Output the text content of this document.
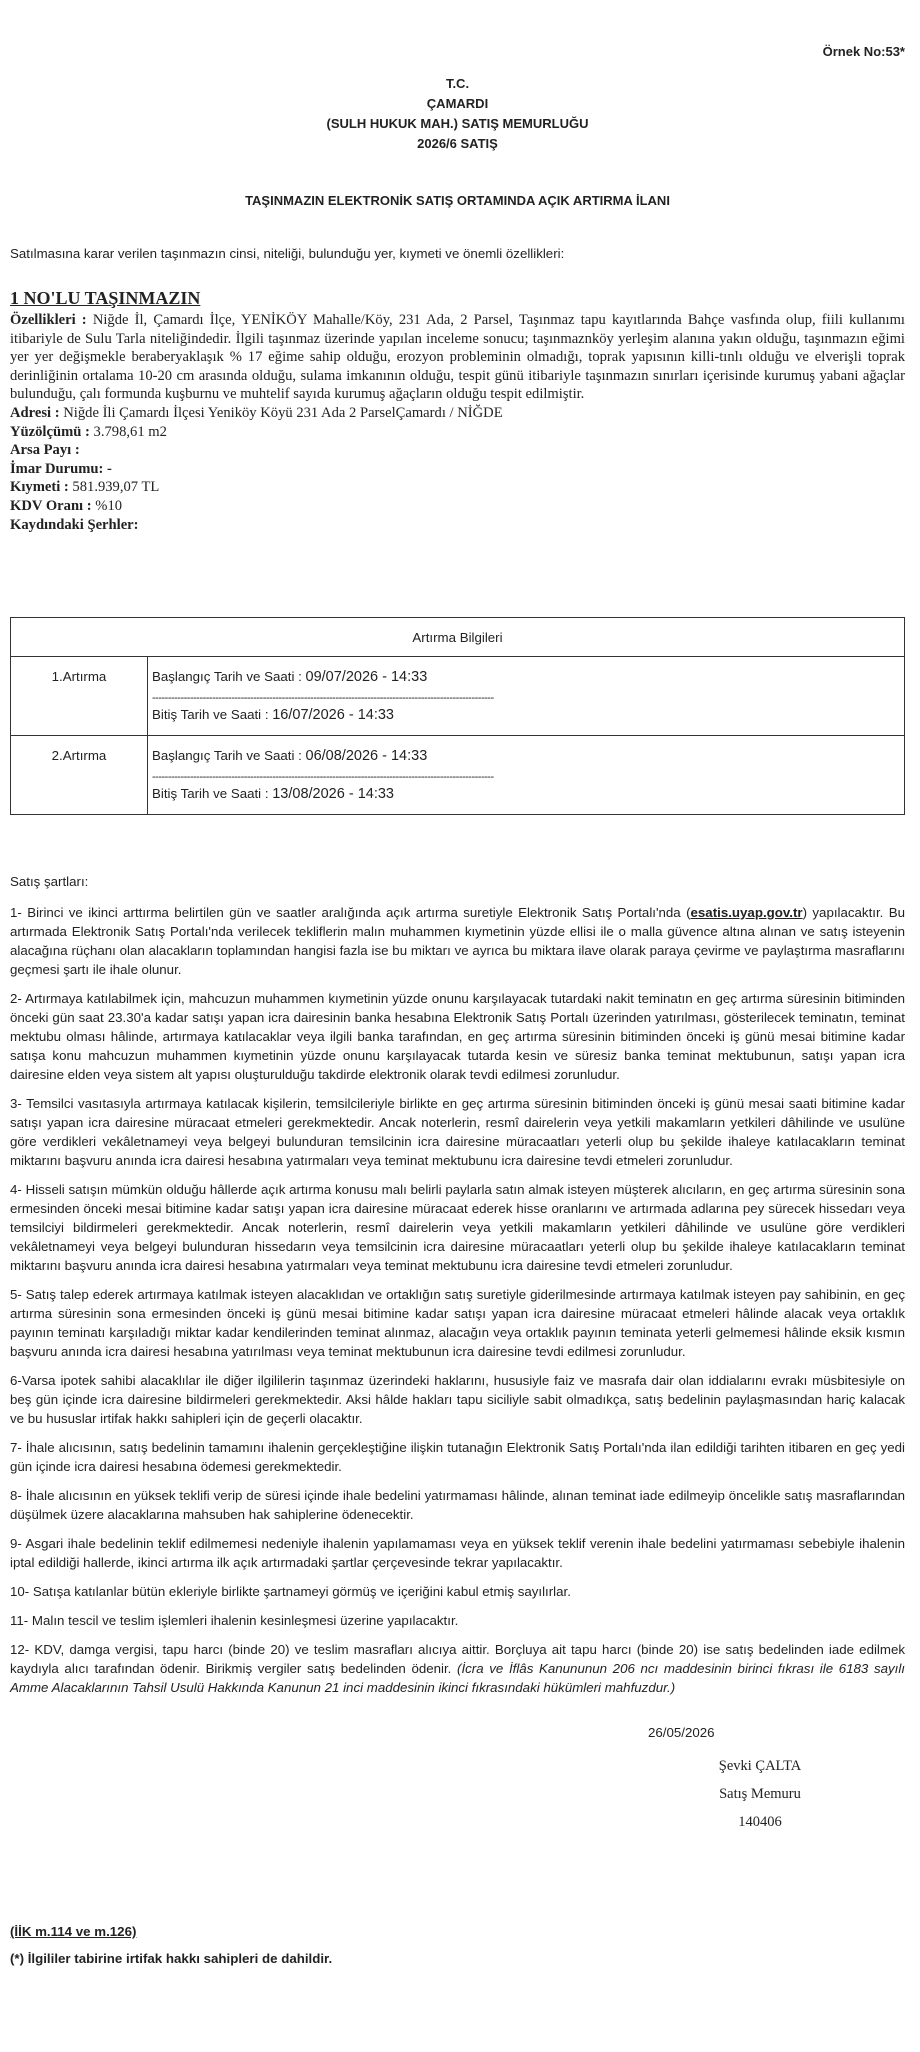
Örnek No:53*
T.C.
ÇAMARDI
(SULH HUKUK MAH.) SATIŞ MEMURLUĞU
2026/6 SATIŞ
TAŞINMAZIN ELEKTRONİK SATIŞ ORTAMINDA AÇIK ARTIRMA İLANI
Satılmasına karar verilen taşınmazın cinsi, niteliği, bulunduğu yer, kıymeti ve önemli özellikleri:
1 NO'LU TAŞINMAZIN
Özellikleri : Niğde İl, Çamardı İlçe, YENİKÖY Mahalle/Köy, 231 Ada, 2 Parsel, Taşınmaz tapu kayıtlarında Bahçe vasfında olup, fiili kullanımı itibariyle de Sulu Tarla niteliğindedir. İlgili taşınmaz üzerinde yapılan inceleme sonucu; taşınmaznköy yerleşim alanına yakın olduğu, taşınmazın eğimi yer yer değişmekle beraberyaklaşık % 17 eğime sahip olduğu, erozyon probleminin olmadığı, toprak yapısının killi-tınlı olduğu ve elverişli toprak derinliğinin ortalama 10-20 cm arasında olduğu, sulama imkanının olduğu, tespit günü itibariyle taşınmazın sınırları içerisinde kurumuş yabani ağaçlar bulunduğu, çalı formunda kuşburnu ve muhtelif sayıda kurumuş ağaçların olduğu tespit edilmiştir.
Adresi : Niğde İli Çamardı İlçesi Yeniköy Köyü 231 Ada 2 ParselÇamardı / NİĞDE
Yüzölçümü : 3.798,61 m2
Arsa Payı :
İmar Durumu: -
Kıymeti : 581.939,07 TL
KDV Oranı : %10
Kaydındaki Şerhler:
Artırma Bilgileri	
1.Artırma	Başlangıç Tarih ve Saati : 09/07/2026 - 14:33
------------------------------------------------------------------------------------------------------------
Bitiş Tarih ve Saati : 16/07/2026 - 14:33

2.Artırma	Başlangıç Tarih ve Saati : 06/08/2026 - 14:33
------------------------------------------------------------------------------------------------------------
Bitiş Tarih ve Saati : 13/08/2026 - 14:33

Satış şartları:

1- Birinci ve ikinci arttırma belirtilen gün ve saatler aralığında açık artırma suretiyle Elektronik Satış Portalı'nda (esatis.uyap.gov.tr) yapılacaktır. Bu artırmada Elektronik Satış Portalı'nda verilecek tekliflerin malın muhammen kıymetinin yüzde ellisi ile o malla güvence altına alınan ve satış isteyenin alacağına rüçhanı olan alacakların toplamından hangisi fazla ise bu miktarı ve ayrıca bu miktara ilave olarak paraya çevirme ve paylaştırma masraflarını geçmesi şartı ile ihale olunur.

2- Artırmaya katılabilmek için, mahcuzun muhammen kıymetinin yüzde onunu karşılayacak tutardaki nakit teminatın en geç artırma süresinin bitiminden önceki gün saat 23.30'a kadar satışı yapan icra dairesinin banka hesabına Elektronik Satış Portalı üzerinden yatırılması, gösterilecek teminatın, teminat mektubu olması hâlinde, artırmaya katılacaklar veya ilgili banka tarafından, en geç artırma süresinin bitiminden önceki iş günü mesai bitimine kadar satışa konu mahcuzun muhammen kıymetinin yüzde onunu karşılayacak tutarda kesin ve süresiz banka teminat mektubunun, satışı yapan icra dairesine elden veya sistem alt yapısı oluşturulduğu takdirde elektronik olarak tevdi edilmesi zorunludur.

3- Temsilci vasıtasıyla artırmaya katılacak kişilerin, temsilcileriyle birlikte en geç artırma süresinin bitiminden önceki iş günü mesai saati bitimine kadar satışı yapan icra dairesine müracaat etmeleri gerekmektedir. Ancak noterlerin, resmî dairelerin veya yetkili makamların yetkileri dâhilinde ve usulüne göre verdikleri vekâletnameyi veya belgeyi bulunduran temsilcinin icra dairesine müracaatları yeterli olup bu şekilde ihaleye katılacakların teminat miktarını başvuru anında icra dairesi hesabına yatırmaları veya teminat mektubunu icra dairesine tevdi etmeleri zorunludur.

4- Hisseli satışın mümkün olduğu hâllerde açık artırma konusu malı belirli paylarla satın almak isteyen müşterek alıcıların, en geç artırma süresinin sona ermesinden önceki mesai bitimine kadar satışı yapan icra dairesine müracaat ederek hisse oranlarını ve artırmada adlarına pey sürecek hissedarı veya temsilciyi bildirmeleri gerekmektedir. Ancak noterlerin, resmî dairelerin veya yetkili makamların yetkileri dâhilinde ve usulüne göre verdikleri vekâletnameyi veya belgeyi bulunduran hissedarın veya temsilcinin icra dairesine müracaatları yeterli olup bu şekilde ihaleye katılacakların teminat miktarını başvuru anında icra dairesi hesabına yatırmaları veya teminat mektubunu icra dairesine tevdi etmeleri zorunludur.

5- Satış talep ederek artırmaya katılmak isteyen alacaklıdan ve ortaklığın satış suretiyle giderilmesinde artırmaya katılmak isteyen pay sahibinin, en geç artırma süresinin sona ermesinden önceki iş günü mesai bitimine kadar satışı yapan icra dairesine müracaat etmeleri hâlinde alacak veya ortaklık payının teminatı karşıladığı miktar kadar kendilerinden teminat alınmaz, alacağın veya ortaklık payının teminata yeterli gelmemesi hâlinde eksik kısmın başvuru anında icra dairesi hesabına yatırılması veya teminat mektubunun icra dairesine tevdi edilmesi zorunludur.

6-Varsa ipotek sahibi alacaklılar ile diğer ilgililerin taşınmaz üzerindeki haklarını, hususiyle faiz ve masrafa dair olan iddialarını evrakı müsbitesiyle on beş gün içinde icra dairesine bildirmeleri gerekmektedir. Aksi hâlde hakları tapu siciliyle sabit olmadıkça, satış bedelinin paylaşmasından hariç kalacak ve bu hususlar irtifak hakkı sahipleri için de geçerli olacaktır.

7- İhale alıcısının, satış bedelinin tamamını ihalenin gerçekleştiğine ilişkin tutanağın Elektronik Satış Portalı'nda ilan edildiği tarihten itibaren en geç yedi gün içinde icra dairesi hesabına ödemesi gerekmektedir.

8- İhale alıcısının en yüksek teklifi verip de süresi içinde ihale bedelini yatırmaması hâlinde, alınan teminat iade edilmeyip öncelikle satış masraflarından düşülmek üzere alacaklarına mahsuben hak sahiplerine ödenecektir.

9- Asgari ihale bedelinin teklif edilmemesi nedeniyle ihalenin yapılamaması veya en yüksek teklif verenin ihale bedelini yatırmaması sebebiyle ihalenin iptal edildiği hallerde, ikinci artırma ilk açık artırmadaki şartlar çerçevesinde tekrar yapılacaktır.

10- Satışa katılanlar bütün ekleriyle birlikte şartnameyi görmüş ve içeriğini kabul etmiş sayılırlar.

11- Malın tescil ve teslim işlemleri ihalenin kesinleşmesi üzerine yapılacaktır.

12- KDV, damga vergisi, tapu harcı (binde 20) ve teslim masrafları alıcıya aittir. Borçluya ait tapu harcı (binde 20) ise satış bedelinden iade edilmek kaydıyla alıcı tarafından ödenir. Birikmiş vergiler satış bedelinden ödenir. (İcra ve İflâs Kanununun 206 ncı maddesinin birinci fıkrası ile 6183 sayılı Amme Alacaklarının Tahsil Usulü Hakkında Kanunun 21 inci maddesinin ikinci fıkrasındaki hükümleri mahfuzdur.)

26/05/2026
Şevki ÇALTA
Satış Memuru
140406
(İİK m.114 ve m.126)
(*) İlgililer tabirine irtifak hakkı sahipleri de dahildir.
